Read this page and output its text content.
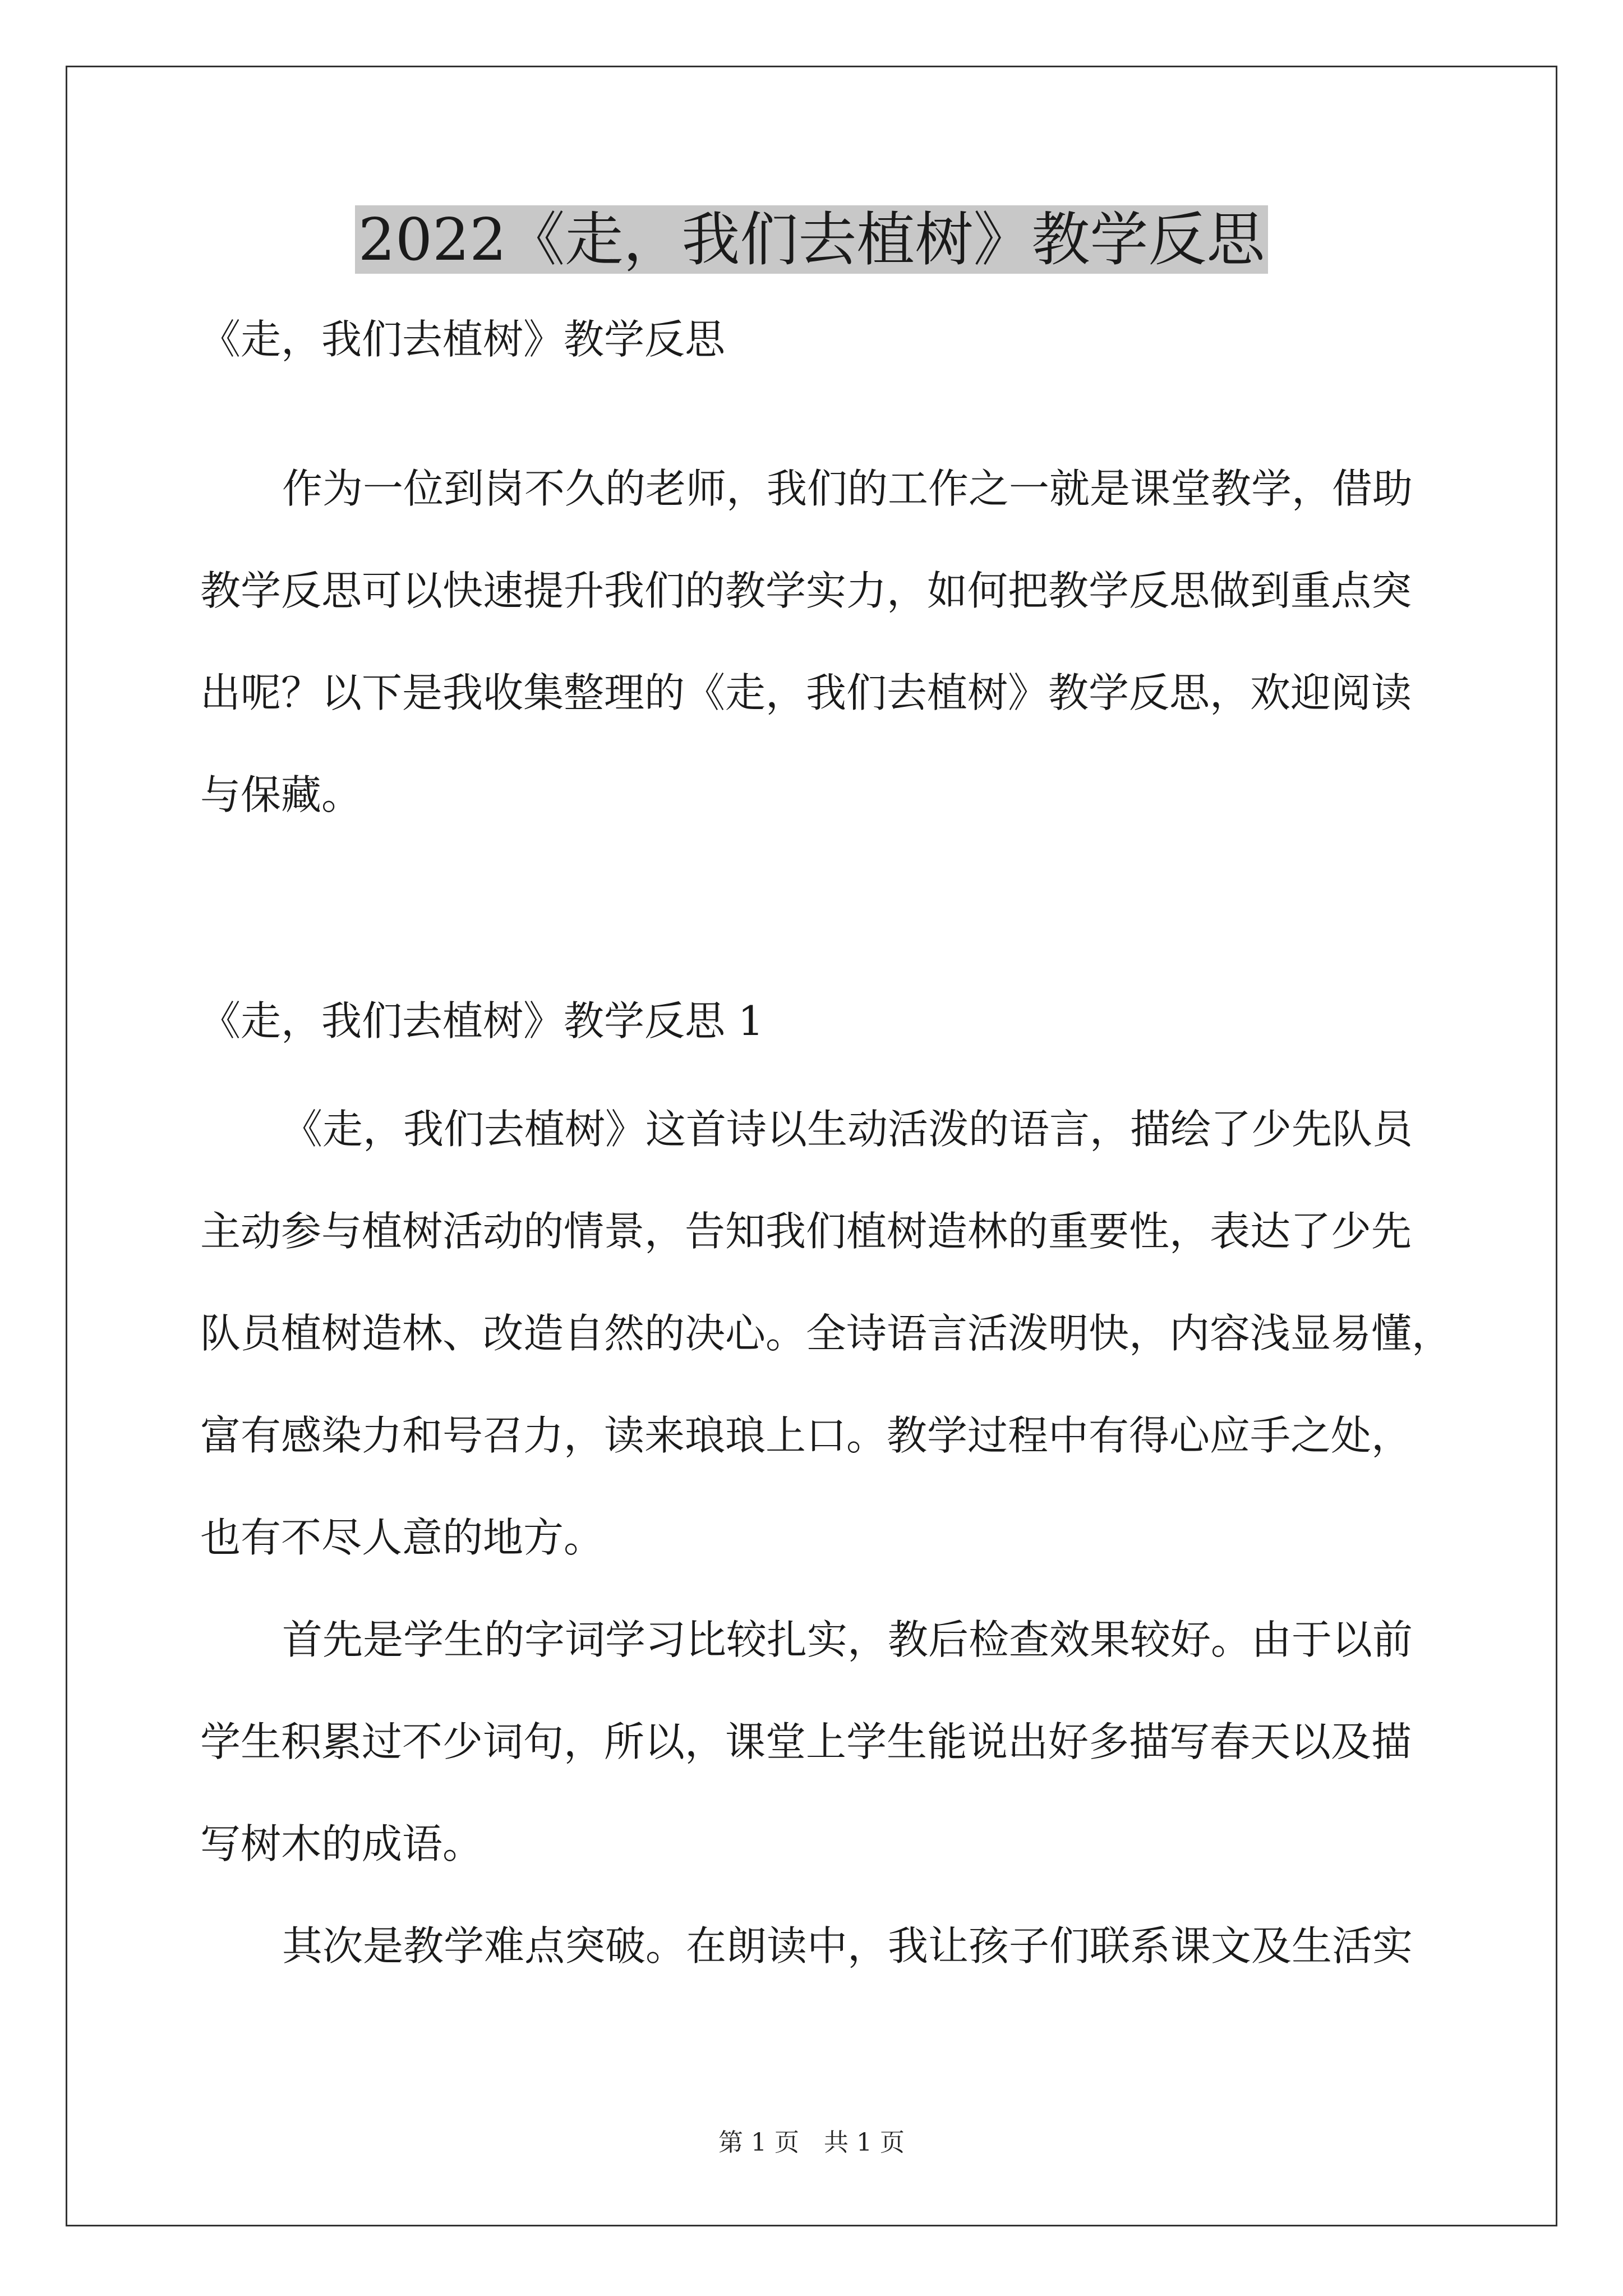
2022《走，我们去植树》教学反思

《走，我们去植树》教学反思

作为一位到岗不久的老师，我们的工作之一就是课堂教学，借助
教学反思可以快速提升我们的教学实力，如何把教学反思做到重点突
出呢？以下是我收集整理的《走，我们去植树》教学反思，欢迎阅读
与保藏。

《走，我们去植树》教学反思 1

《走，我们去植树》这首诗以生动活泼的语言，描绘了少先队员
主动参与植树活动的情景，告知我们植树造林的重要性，表达了少先
队员植树造林、改造自然的决心。全诗语言活泼明快，内容浅显易懂，
富有感染力和号召力，读来琅琅上口。教学过程中有得心应手之处，
也有不尽人意的地方。
首先是学生的字词学习比较扎实，教后检查效果较好。由于以前
学生积累过不少词句，所以，课堂上学生能说出好多描写春天以及描
写树木的成语。
其次是教学难点突破。在朗读中，我让孩子们联系课文及生活实
第 1 页　共 1 页
